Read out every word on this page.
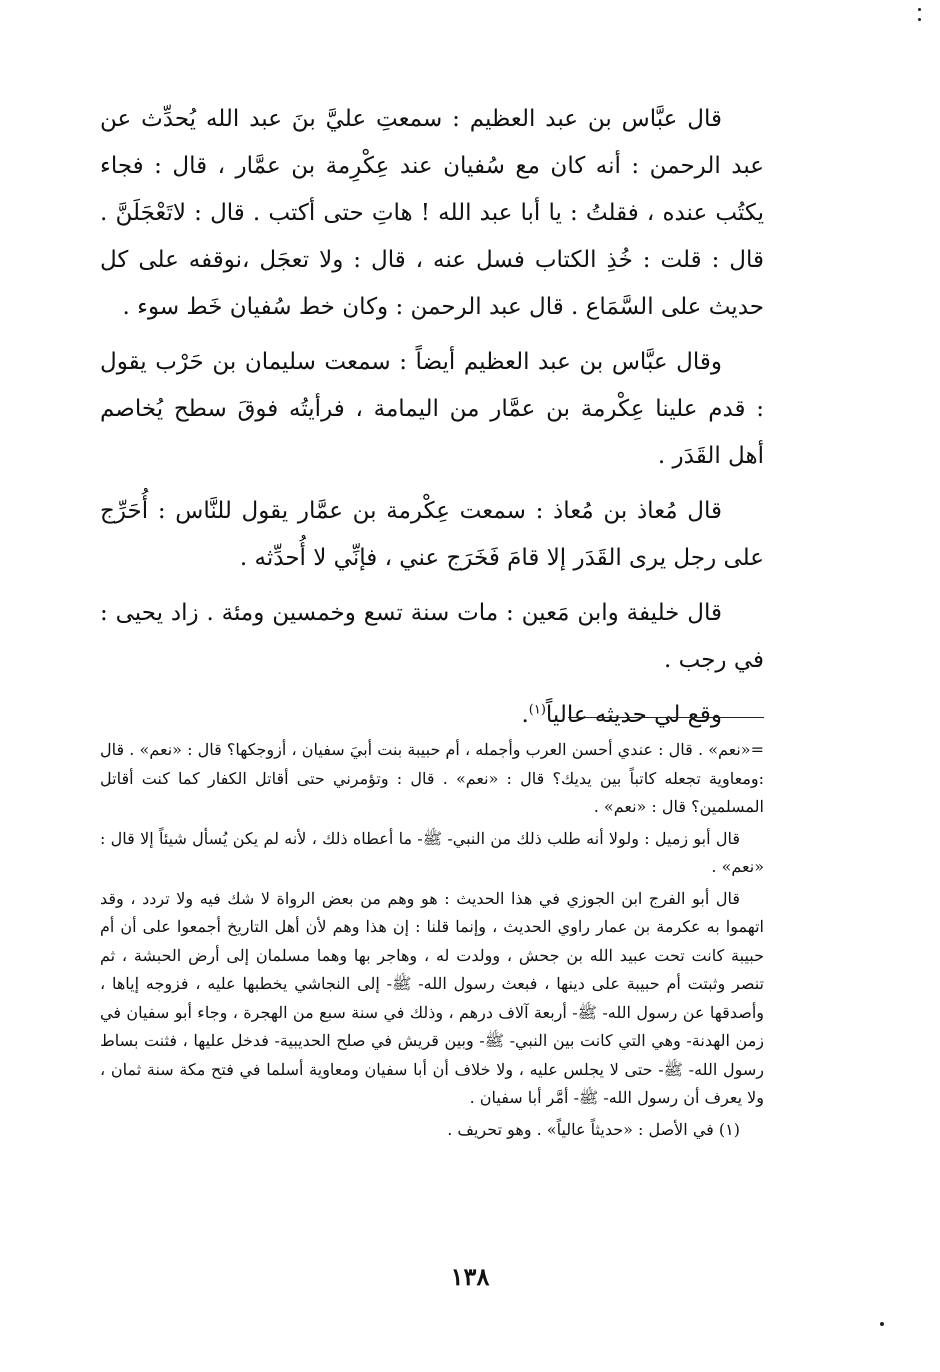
قال عبَّاس بن عبد العظيم : سمعتِ عليَّ بنَ عبد الله يُحدِّث عن عبد الرحمن : أنه كان مع سُفيان عند عِكْرِمة بن عمَّار ، قال : فجاء يكتُب عنده ، فقلتُ : يا أبا عبد الله ! هاتِ حتى أكتب . قال : لاتَعْجَلَنَّ . قال : قلت : خُذِ الكتاب فسل عنه ، قال : ولا تعجَل ،نوقفه على كل حديث على السَّمَاع . قال عبد الرحمن : وكان خط سُفيان خَط سوء .

وقال عبَّاس بن عبد العظيم أيضاً : سمعت سليمان بن حَرْب يقول : قدم علينا عِكْرمة بن عمَّار من اليمامة ، فرأيتُه فوقَ سطح يُخاصم أهل القَدَر .

قال مُعاذ بن مُعاذ : سمعت عِكْرمة بن عمَّار يقول للنَّاس : أُحَرِّج على رجل يرى القَدَر إلا قامَ فَخَرَج عني ، فإنِّي لا أُحدِّثه .

قال خليفة وابن مَعين : مات سنة تسع وخمسين ومئة . زاد يحيى : في رجب .

وقع لي حديثه عالياً$^{(١)}$.

=«نعم» . قال : عندي أحسن العرب وأجمله ، أم حبيبة بنت أبيَ سفيان ، أزوجكها؟ قال : «نعم» . قال :ومعاوية تجعله كاتباً بين يديك؟ قال : «نعم» . قال : وتؤمرني حتى أقاتل الكفار كما كنت أقاتل المسلمين؟ قال : «نعم» .

قال أبو زميل : ولولا أنه طلب ذلك من النبي- ﷺ- ما أعطاه ذلك ، لأنه لم يكن يُسأل شيئاً إلا قال : «نعم» .

قال أبو الفرج ابن الجوزي في هذا الحديث : هو وهم من بعض الرواة لا شك فيه ولا تردد ، وقد اتهموا به عكرمة بن عمار راوي الحديث ، وإنما قلنا : إن هذا وهم لأن أهل التاريخ أجمعوا على أن أم حبيبة كانت تحت عبيد الله بن جحش ، وولدت له ، وهاجر بها وهما مسلمان إلى أرض الحبشة ، ثم تنصر وثبتت أم حبيبة على دينها ، فبعث رسول الله- ﷺ- إلى النجاشي يخطبها عليه ، فزوجه إياها ، وأصدقها عن رسول الله- ﷺ- أربعة آلاف درهم ، وذلك في سنة سبع من الهجرة ، وجاء أبو سفيان في زمن الهدنة- وهي التي كانت بين النبي- ﷺ- وبين قريش في صلح الحديبية- فدخل عليها ، فثنت بساط رسول الله- ﷺ- حتى لا يجلس عليه ، ولا خلاف أن أبا سفيان ومعاوية أسلما في فتح مكة سنة ثمان ، ولا يعرف أن رسول الله- ﷺ- أمَّر أبا سفيان .

(١) في الأصل : «حديثاً عالياً» . وهو تحريف .

١٣٨
